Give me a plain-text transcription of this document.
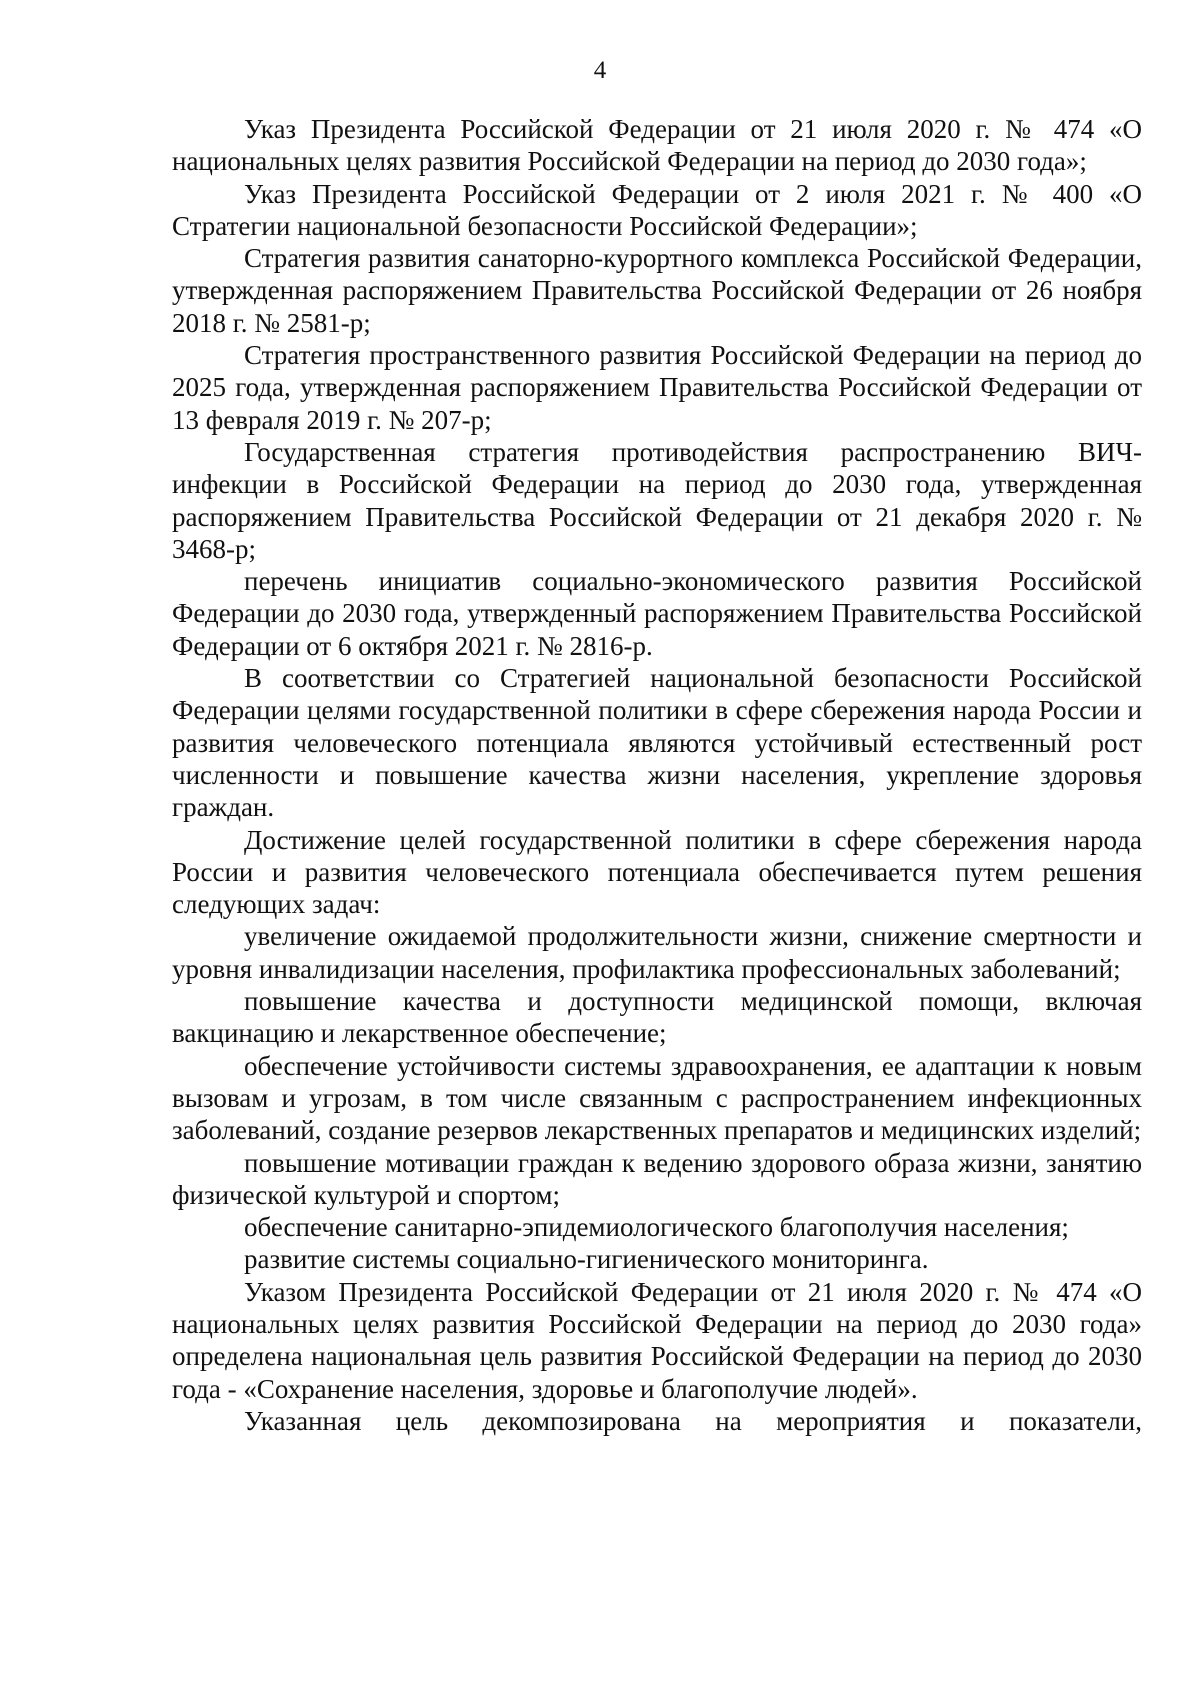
4

Указ Президента Российской Федерации от 21 июля 2020 г. № 474 «О национальных целях развития Российской Федерации на период до 2030 года»;

Указ Президента Российской Федерации от 2 июля 2021 г. № 400 «О Стратегии национальной безопасности Российской Федерации»;

Стратегия развития санаторно-курортного комплекса Российской Федерации, утвержденная распоряжением Правительства Российской Федерации от 26 ноября 2018 г. № 2581-р;

Стратегия пространственного развития Российской Федерации на период до 2025 года, утвержденная распоряжением Правительства Российской Федерации от 13 февраля 2019 г. № 207-р;

Государственная стратегия противодействия распространению ВИЧ-инфекции в Российской Федерации на период до 2030 года, утвержденная распоряжением Правительства Российской Федерации от 21 декабря 2020 г. № 3468-р;

перечень инициатив социально-экономического развития Российской Федерации до 2030 года, утвержденный распоряжением Правительства Российской Федерации от 6 октября 2021 г. № 2816-р.

В соответствии со Стратегией национальной безопасности Российской Федерации целями государственной политики в сфере сбережения народа России и развития человеческого потенциала являются устойчивый естественный рост численности и повышение качества жизни населения, укрепление здоровья граждан.

Достижение целей государственной политики в сфере сбережения народа России и развития человеческого потенциала обеспечивается путем решения следующих задач:

увеличение ожидаемой продолжительности жизни, снижение смертности и уровня инвалидизации населения, профилактика профессиональных заболеваний;

повышение качества и доступности медицинской помощи, включая вакцинацию и лекарственное обеспечение;

обеспечение устойчивости системы здравоохранения, ее адаптации к новым вызовам и угрозам, в том числе связанным с распространением инфекционных заболеваний, создание резервов лекарственных препаратов и медицинских изделий;

повышение мотивации граждан к ведению здорового образа жизни, занятию физической культурой и спортом;

обеспечение санитарно-эпидемиологического благополучия населения;

развитие системы социально-гигиенического мониторинга.

Указом Президента Российской Федерации от 21 июля 2020 г. № 474 «О национальных целях развития Российской Федерации на период до 2030 года» определена национальная цель развития Российской Федерации на период до 2030 года - «Сохранение населения, здоровье и благополучие людей».

Указанная цель декомпозирована на мероприятия и показатели,
